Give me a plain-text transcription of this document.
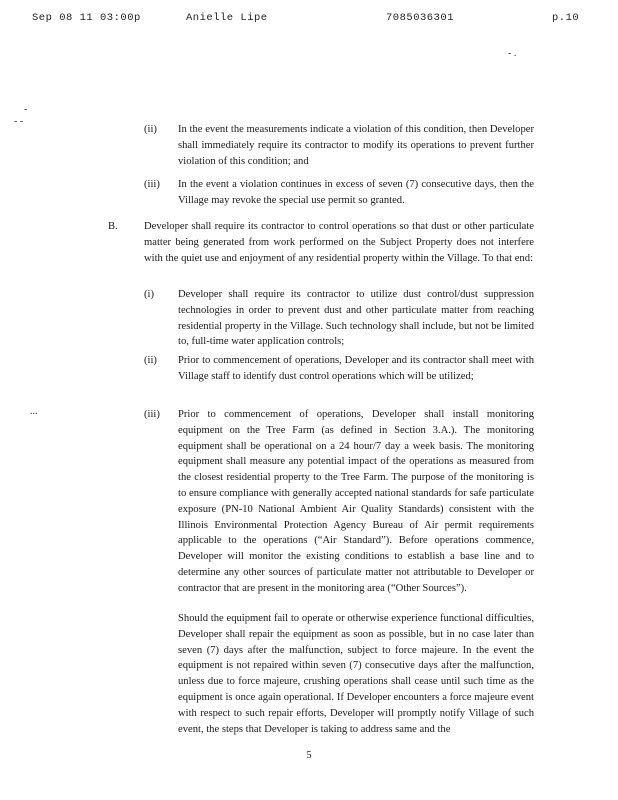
Sep 08 11 03:00p	Anielle Lipe	7085036301	p.10
- .
-
- -
...
(ii) In the event the measurements indicate a violation of this condition, then Developer shall immediately require its contractor to modify its operations to prevent further violation of this condition; and
(iii) In the event a violation continues in excess of seven (7) consecutive days, then the Village may revoke the special use permit so granted.
B. Developer shall require its contractor to control operations so that dust or other particulate matter being generated from work performed on the Subject Property does not interfere with the quiet use and enjoyment of any residential property within the Village. To that end:
(i) Developer shall require its contractor to utilize dust control/dust suppression technologies in order to prevent dust and other particulate matter from reaching residential property in the Village. Such technology shall include, but not be limited to, full-time water application controls;
(ii) Prior to commencement of operations, Developer and its contractor shall meet with Village staff to identify dust control operations which will be utilized;
(iii) Prior to commencement of operations, Developer shall install monitoring equipment on the Tree Farm (as defined in Section 3.A.). The monitoring equipment shall be operational on a 24 hour/7 day a week basis. The monitoring equipment shall measure any potential impact of the operations as measured from the closest residential property to the Tree Farm. The purpose of the monitoring is to ensure compliance with generally accepted national standards for safe particulate exposure (PN-10 National Ambient Air Quality Standards) consistent with the Illinois Environmental Protection Agency Bureau of Air permit requirements applicable to the operations (“Air Standard”). Before operations commence, Developer will monitor the existing conditions to establish a base line and to determine any other sources of particulate matter not attributable to Developer or contractor that are present in the monitoring area (“Other Sources”).
Should the equipment fail to operate or otherwise experience functional difficulties, Developer shall repair the equipment as soon as possible, but in no case later than seven (7) days after the malfunction, subject to force majeure. In the event the equipment is not repaired within seven (7) consecutive days after the malfunction, unless due to force majeure, crushing operations shall cease until such time as the equipment is once again operational. If Developer encounters a force majeure event with respect to such repair efforts, Developer will promptly notify Village of such event, the steps that Developer is taking to address same and the
5
